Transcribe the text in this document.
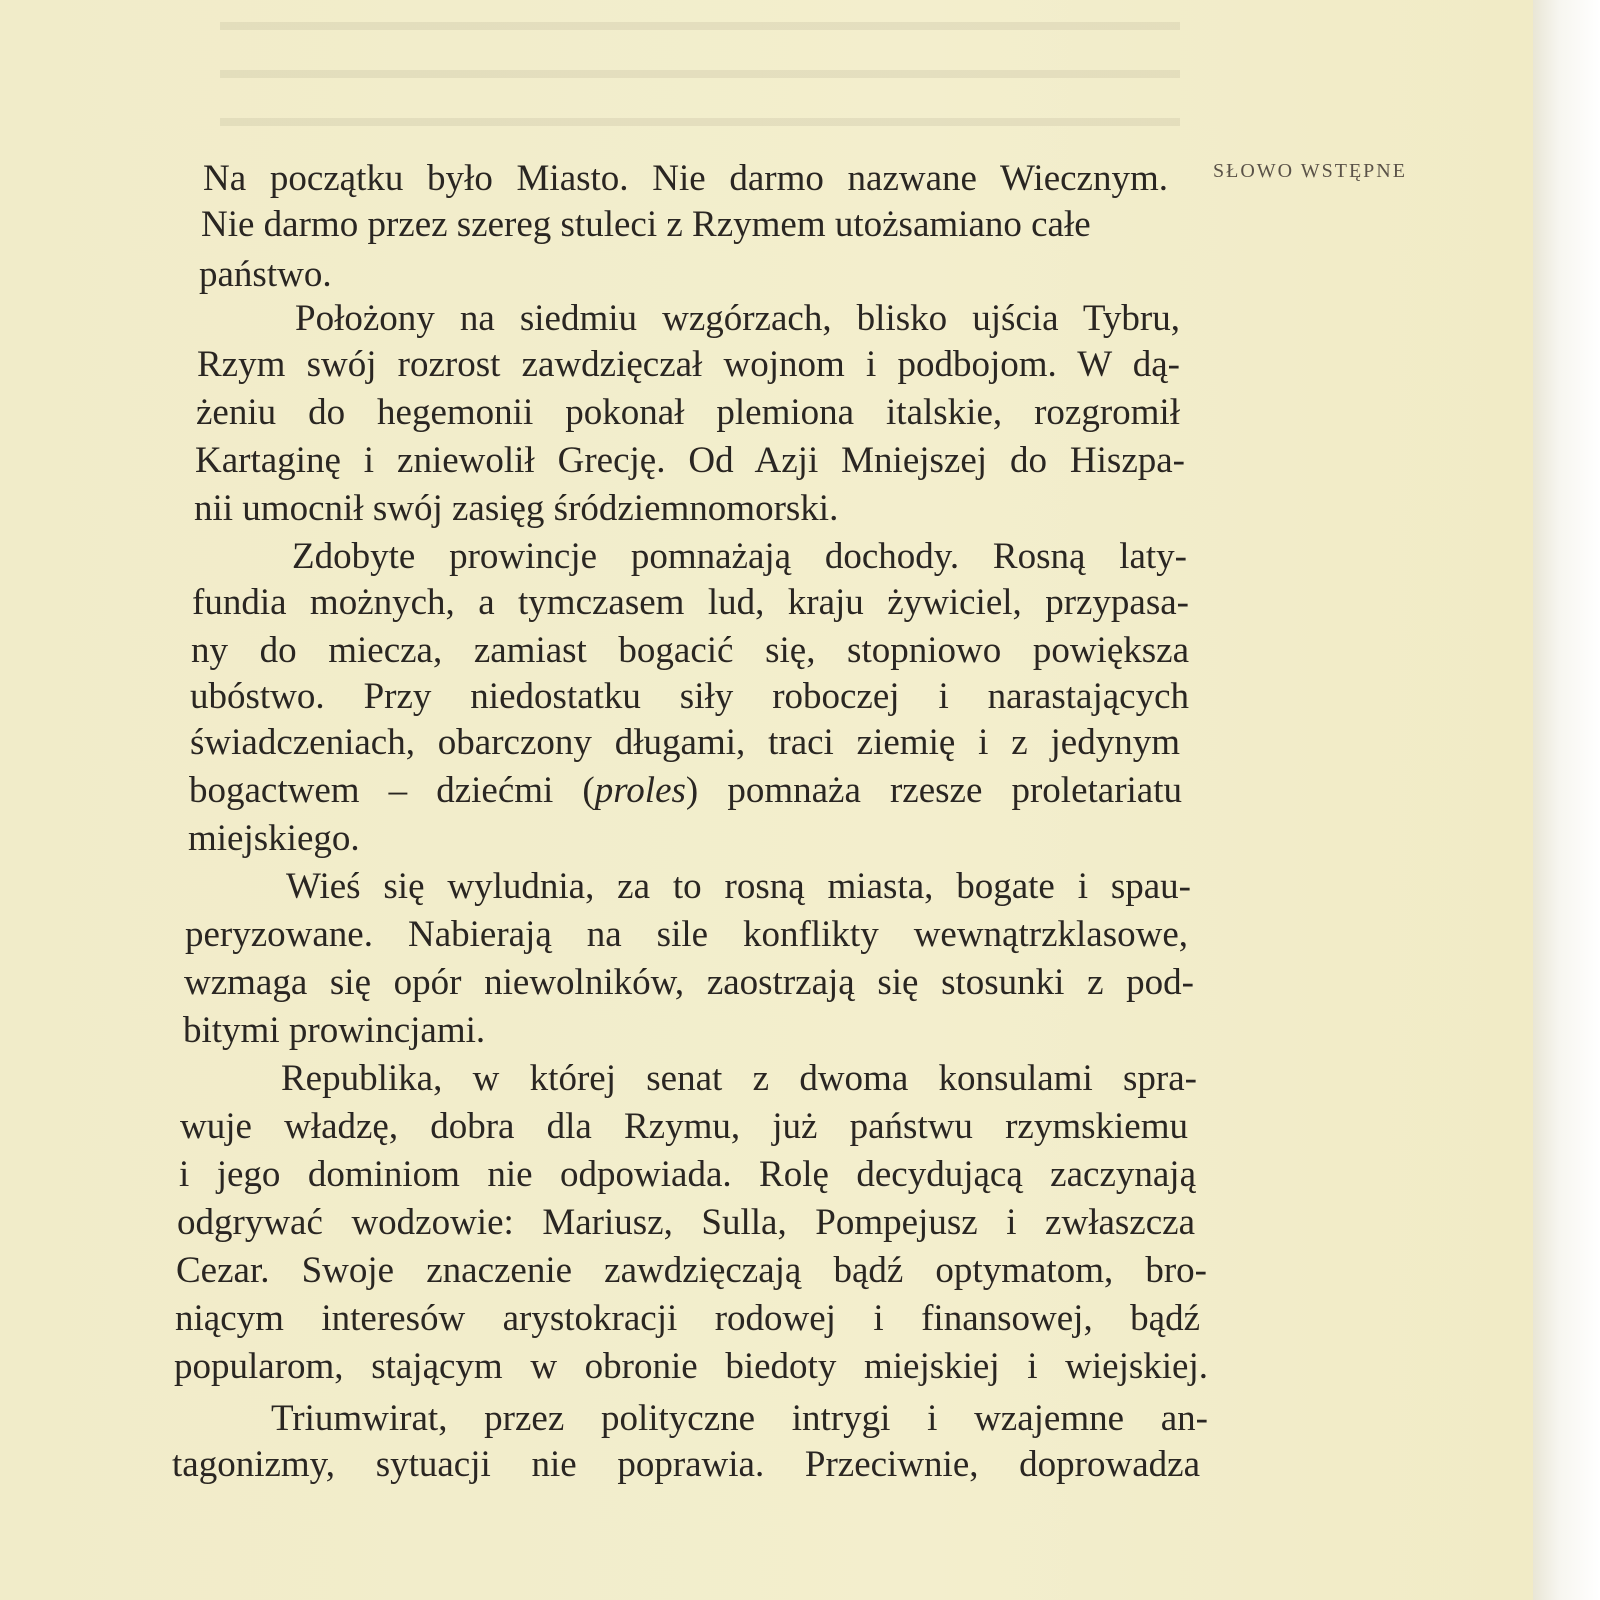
SŁOWO WSTĘPNE
Na początku było Miasto. Nie darmo nazwane Wiecznym.
Nie darmo przez szereg stuleci z Rzymem utożsamiano całe
państwo.
Położony na siedmiu wzgórzach, blisko ujścia Tybru,
Rzym swój rozrost zawdzięczał wojnom i podbojom. W dą-
żeniu do hegemonii pokonał plemiona italskie, rozgromił
Kartaginę i zniewolił Grecję. Od Azji Mniejszej do Hiszpa-
nii umocnił swój zasięg śródziemnomorski.
Zdobyte prowincje pomnażają dochody. Rosną laty-
fundia możnych, a tymczasem lud, kraju żywiciel, przypasa-
ny do miecza, zamiast bogacić się, stopniowo powiększa
ubóstwo. Przy niedostatku siły roboczej i narastających
świadczeniach, obarczony długami, traci ziemię i z jedynym
bogactwem – dziećmi (proles) pomnaża rzesze proletariatu
miejskiego.
Wieś się wyludnia, za to rosną miasta, bogate i spau-
peryzowane. Nabierają na sile konflikty wewnątrzklasowe,
wzmaga się opór niewolników, zaostrzają się stosunki z pod-
bitymi prowincjami.
Republika, w której senat z dwoma konsulami spra-
wuje władzę, dobra dla Rzymu, już państwu rzymskiemu
i jego dominiom nie odpowiada. Rolę decydującą zaczynają
odgrywać wodzowie: Mariusz, Sulla, Pompejusz i zwłaszcza
Cezar. Swoje znaczenie zawdzięczają bądź optymatom, bro-
niącym interesów arystokracji rodowej i finansowej, bądź
popularom, stającym w obronie biedoty miejskiej i wiejskiej.
Triumwirat, przez polityczne intrygi i wzajemne an-
tagonizmy, sytuacji nie poprawia. Przeciwnie, doprowadza
